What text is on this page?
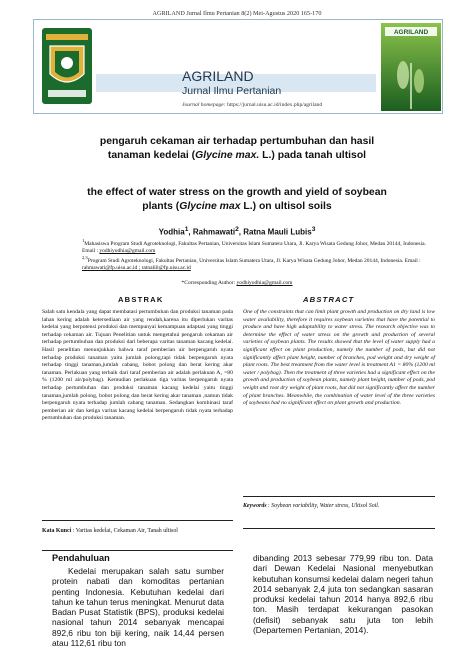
AGRILAND Jurnal Ilmu Pertanian 8(2) Mei-Agustus 2020 165-170
AGRILAND
Jurnal Ilmu Pertanian
Journal homepage: https://jurnal.uisu.ac.id/index.php/agriland
AGRILAND
pengaruh cekaman air terhadap pertumbuhan dan hasil
tanaman kedelai (Glycine max. L.) pada tanah ultisol
the effect of water stress on the growth and yield of soybean
plants (Glycine max L.) on ultisol soils
Yodhia$^1$, Rahmawati$^2$, Ratna Mauli Lubis$^3$
$^1$Mahasiswa Program Studi Agroteknologi, Fakultas Pertanian, Universitas Islam Sumatera Utara, Jl. Karya Wisata Gedung Johor, Medan 20144, Indonesia. Email : yodhiyodhia@gmail.com
$^{2,3}$Program Studi Agroteknologi, Fakultas Pertanian, Universitas Islam Sumatera Utara, Jl. Karya Wisata Gedung Johor, Medan 20144, Indonesia. Email : rahmawati@fp.uisu.ac.id ; ratnalili@fp.uisu.ac.id
*Corresponding Author: yodhiyodhia@gmail.com
ABSTRAK	ABSTRACT
Salah satu kendala yang dapat membatasi pertumbuhan dan produksi tanaman pada lahan kering adalah ketersediaan air yang rendah,karena itu diperlukan varitas kedelai yang berpotensi produksi dan mempunyai kemampuan adaptasi yang tinggi terhadap cekaman air. Tujuan Penelitian untuk mengetahui pengaruh cekaman air terhadap pertumbuhan dan produksi dari beberapa varitas tanaman kacang kedelai. Hasil penelitian menunjukkan bahwa taraf pemberian air berpengaruh nyata terhadap produksi tanaman yaitu jumlah polong,tapi tidak berpengaruh nyata terhadap tinggi tanaman,jumlah cabang, bobot polong dan berat kering akar tanaman. Perlakuan yang terbaik dari taraf pemberian air adalah perlakuan A₁ =80 % (1200 ml air/polybag). Kemudian perlakuan tiga varitas berpengaruh nyata terhadap pertumbuhan dan produksi tanaman kacang kedelai yaitu tinggi tanaman,jumlah polong, bobot polong dan berat kering akar tanaman ,namun tidak berpengaruh nyata terhadap jumlah cabang tanaman. Sedangkan kombinasi taraf pemberian air dan ketiga varitas kacang kedelai berpengaruh tidak nyata terhadap pertumbuhan dan produksi tanaman.
One of the constraints that can limit plant growth and production on dry land is low water availability, therefore it requires soybean varieties that have the potential to produce and have high adaptability to water stress. The research objective was to determine the effect of water stress on the growth and production of several varieties of soybean plants. The results showed that the level of water supply had a significant effect on plant production, namely the number of pods, but did not significantly affect plant height, number of branches, pod weight and dry weight of plant roots. The best treatment from the water level is treatment A1 = 80% (1200 ml water / polybag). Then the treatment of three varieties had a significant effect on the growth and production of soybean plants, namely plant height, number of pods, pod weight and root dry weight of plant roots, but did not significantly affect the number of plant branches. Meanwhile, the combination of water level of the three varieties of soybeans had no significant effect on plant growth and production.
Kata Kunci : Varitas kedelai, Cekaman Air, Tanah ultisol
Keywords : Soybean variability, Water stress, Ultisol Soil.
Pendahuluan
Kedelai merupakan salah satu sumber protein nabati dan komoditas pertanian penting Indonesia. Kebutuhan kedelai dari tahun ke tahun terus meningkat. Menurut data Badan Pusat Statistik (BPS), produksi kedelai nasional tahun 2014 sebanyak mencapai 892,6 ribu ton biji kering, naik 14,44 persen atau 112,61 ribu ton
dibanding 2013 sebesar 779,99 ribu ton. Data dari Dewan Kedelai Nasional menyebutkan kebutuhan konsumsi kedelai dalam negeri tahun 2014 sebanyak 2,4 juta ton sedangkan sasaran produksi kedelai tahun 2014 hanya 892,6 ribu ton. Masih terdapat kekurangan pasokan (defisit) sebanyak satu juta ton lebih (Departemen Pertanian, 2014).
